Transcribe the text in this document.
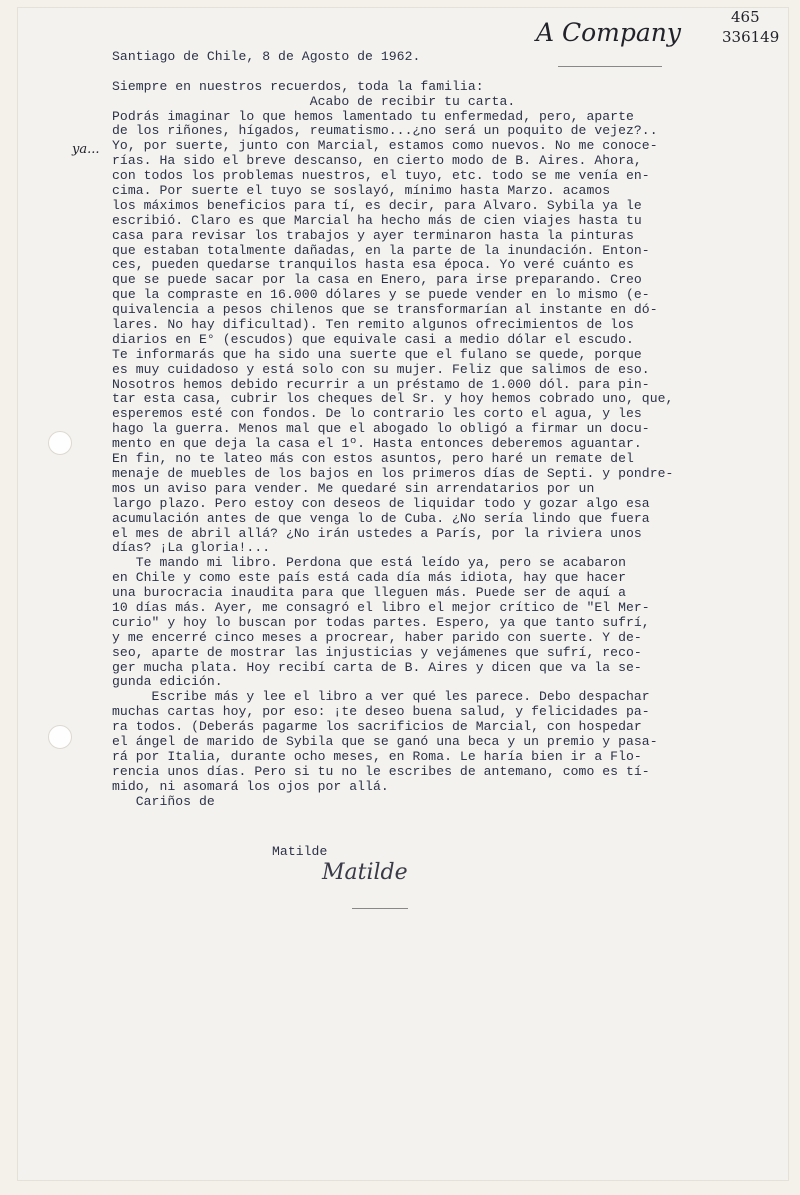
A Company
465
336149
ya...
Santiago de Chile, 8 de Agosto de 1962.
Siempre en nuestros recuerdos, toda la familia:
Acabo de recibir tu carta.
Podrás imaginar lo que hemos lamentado tu enfermedad, pero, aparte
de los riñones, hígados, reumatismo...¿no será un poquito de vejez?..
Yo, por suerte, junto con Marcial, estamos como nuevos. No me conoce-
rías. Ha sido el breve descanso, en cierto modo de B. Aires. Ahora,
con todos los problemas nuestros, el tuyo, etc. todo se me venía en-
cima. Por suerte el tuyo se soslayó, mínimo hasta Marzo. acamos
los máximos beneficios para tí, es decir, para Alvaro. Sybila ya le
escribió. Claro es que Marcial ha hecho más de cien viajes hasta tu
casa para revisar los trabajos y ayer terminaron hasta la pinturas
que estaban totalmente dañadas, en la parte de la inundación. Enton-
ces, pueden quedarse tranquilos hasta esa época. Yo veré cuánto es
que se puede sacar por la casa en Enero, para irse preparando. Creo
que la compraste en 16.000 dólares y se puede vender en lo mismo (e-
quivalencia a pesos chilenos que se transformarían al instante en dó-
lares. No hay dificultad). Ten remito algunos ofrecimientos de los
diarios en E° (escudos) que equivale casi a medio dólar el escudo.
Te informarás que ha sido una suerte que el fulano se quede, porque
es muy cuidadoso y está solo con su mujer. Feliz que salimos de eso.
Nosotros hemos debido recurrir a un préstamo de 1.000 dól. para pin-
tar esta casa, cubrir los cheques del Sr. y hoy hemos cobrado uno, que,
esperemos esté con fondos. De lo contrario les corto el agua, y les
hago la guerra. Menos mal que el abogado lo obligó a firmar un docu-
mento en que deja la casa el 1º. Hasta entonces deberemos aguantar.
En fin, no te lateo más con estos asuntos, pero haré un remate del
menaje de muebles de los bajos en los primeros días de Septi. y pondre-
mos un aviso para vender. Me quedaré sin arrendatarios por un
largo plazo. Pero estoy con deseos de liquidar todo y gozar algo esa
acumulación antes de que venga lo de Cuba. ¿No sería lindo que fuera
el mes de abril allá? ¿No irán ustedes a París, por la riviera unos
días? ¡La gloria!...
Te mando mi libro. Perdona que está leído ya, pero se acabaron
en Chile y como este país está cada día más idiota, hay que hacer
una burocracia inaudita para que lleguen más. Puede ser de aquí a
10 días más. Ayer, me consagró el libro el mejor crítico de "El Mer-
curio" y hoy lo buscan por todas partes. Espero, ya que tanto sufrí,
y me encerré cinco meses a procrear, haber parido con suerte. Y de-
seo, aparte de mostrar las injusticias y vejámenes que sufrí, reco-
ger mucha plata. Hoy recibí carta de B. Aires y dicen que va la se-
gunda edición.
Escribe más y lee el libro a ver qué les parece. Debo despachar
muchas cartas hoy, por eso: ¡te deseo buena salud, y felicidades pa-
ra todos. (Deberás pagarme los sacrificios de Marcial, con hospedar
el ángel de marido de Sybila que se ganó una beca y un premio y pasa-
rá por Italia, durante ocho meses, en Roma. Le haría bien ir a Flo-
rencia unos días. Pero si tu no le escribes de antemano, como es tí-
mido, ni asomará los ojos por allá.
Cariños de
Matilde
Matilde
